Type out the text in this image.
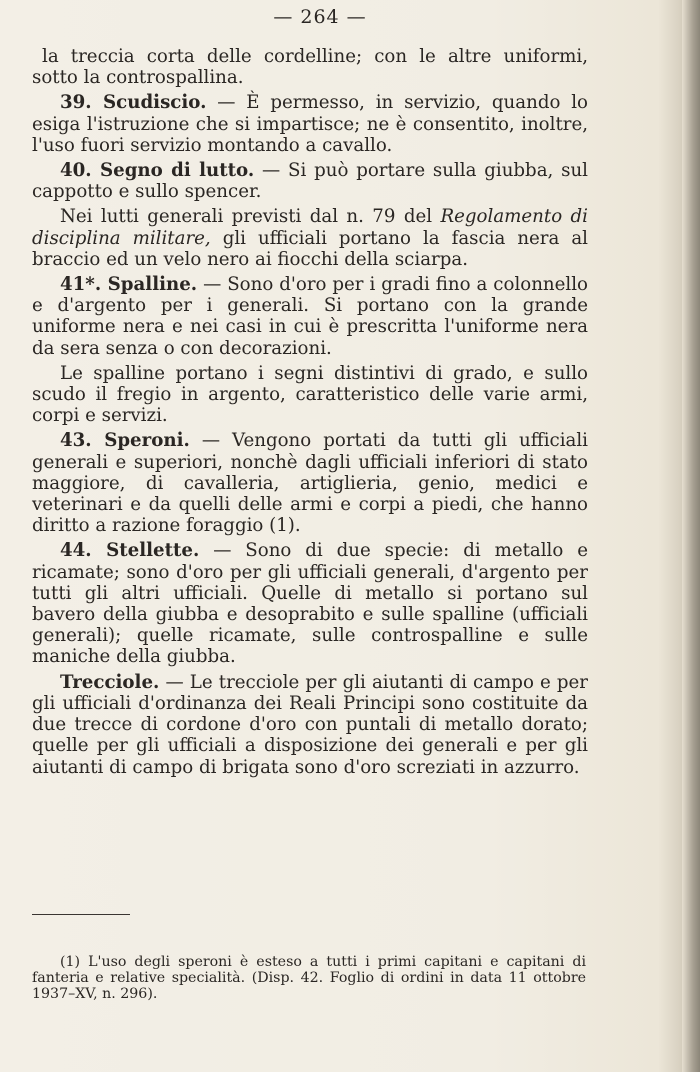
— 264 —

la treccia corta delle cordelline; con le altre uniformi, sotto la controspallina.

39. Scudiscio. — È permesso, in servizio, quando lo esiga l'istruzione che si impartisce; ne è consentito, inoltre, l'uso fuori servizio montando a cavallo.

40. Segno di lutto. — Si può portare sulla giubba, sul cappotto e sullo spencer.

Nei lutti generali previsti dal n. 79 del Regolamento di disciplina militare, gli ufficiali portano la fascia nera al braccio ed un velo nero ai fiocchi della sciarpa.

41*. Spalline. — Sono d'oro per i gradi fino a colonnello e d'argento per i generali. Si portano con la grande uniforme nera e nei casi in cui è prescritta l'uniforme nera da sera senza o con decorazioni.

Le spalline portano i segni distintivi di grado, e sullo scudo il fregio in argento, caratteristico delle varie armi, corpi e servizi.

43. Speroni. — Vengono portati da tutti gli ufficiali generali e superiori, nonchè dagli ufficiali inferiori di stato maggiore, di cavalleria, artiglieria, genio, medici e veterinari e da quelli delle armi e corpi a piedi, che hanno diritto a razione foraggio (1).

44. Stellette. — Sono di due specie: di metallo e ricamate; sono d'oro per gli ufficiali generali, d'argento per tutti gli altri ufficiali. Quelle di metallo si portano sul bavero della giubba e desoprabito e sulle spalline (ufficiali generali); quelle ricamate, sulle controspalline e sulle maniche della giubba.

Trecciole. — Le trecciole per gli aiutanti di campo e per gli ufficiali d'ordinanza dei Reali Principi sono costituite da due trecce di cordone d'oro con puntali di metallo dorato; quelle per gli ufficiali a disposizione dei generali e per gli aiutanti di campo di brigata sono d'oro screziati in azzurro.

(1) L'uso degli speroni è esteso a tutti i primi capitani e capitani di fanteria e relative specialità. (Disp. 42. Foglio di ordini in data 11 ottobre 1937–XV, n. 296).
